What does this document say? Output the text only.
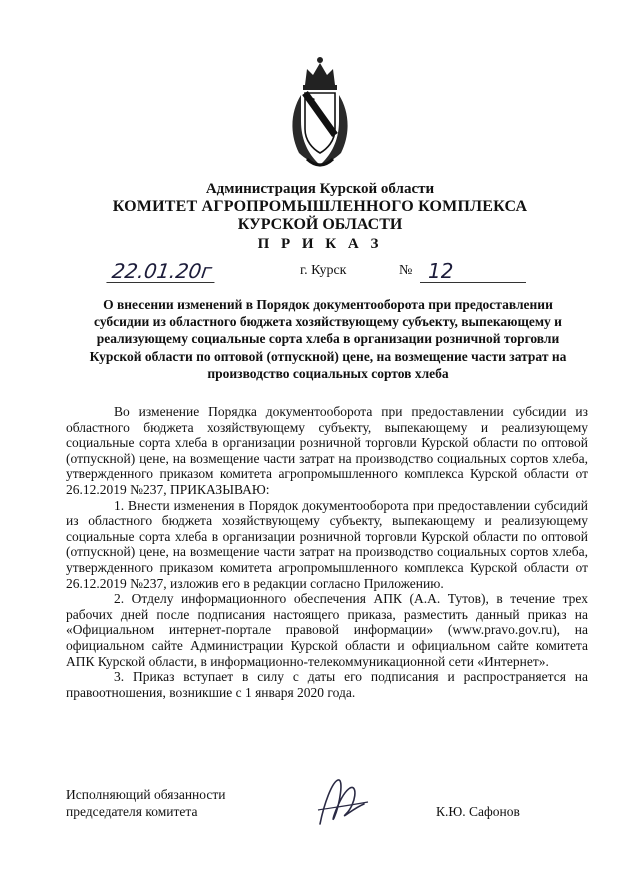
Администрация Курской области
КОМИТЕТ АГРОПРОМЫШЛЕННОГО КОМПЛЕКСА
КУРСКОЙ ОБЛАСТИ
П Р И К А З
22.01.20г	г. Курск	№ 12
О внесении изменений в Порядок документооборота при предоставлении субсидии из областного бюджета хозяйствующему субъекту, выпекающему и реализующему социальные сорта хлеба в организации розничной торговли Курской области по оптовой (отпускной) цене, на возмещение части затрат на производство социальных сортов хлеба

Во изменение Порядка документооборота при предоставлении субсидии из областного бюджета хозяйствующему субъекту, выпекающему и реализующему социальные сорта хлеба в организации розничной торговли Курской области по оптовой (отпускной) цене, на возмещение части затрат на производство социальных сортов хлеба, утвержденного приказом комитета агропромышленного комплекса Курской области от 26.12.2019 №237, ПРИКАЗЫВАЮ:

1. Внести изменения в Порядок документооборота при предоставлении субсидий из областного бюджета хозяйствующему субъекту, выпекающему и реализующему социальные сорта хлеба в организации розничной торговли Курской области по оптовой (отпускной) цене, на возмещение части затрат на производство социальных сортов хлеба, утвержденного приказом комитета агропромышленного комплекса Курской области от 26.12.2019 №237, изложив его в редакции согласно Приложению.

2. Отделу информационного обеспечения АПК (А.А. Тутов), в течение трех рабочих дней после подписания настоящего приказа, разместить данный приказ на «Официальном интернет-портале правовой информации» (www.pravo.gov.ru), на официальном сайте Администрации Курской области и официальном сайте комитета АПК Курской области, в информационно-телекоммуникационной сети «Интернет».

3. Приказ вступает в силу с даты его подписания и распространяется на правоотношения, возникшие с 1 января 2020 года.

Исполняющий обязанности
председателя комитета	К.Ю. Сафонов
